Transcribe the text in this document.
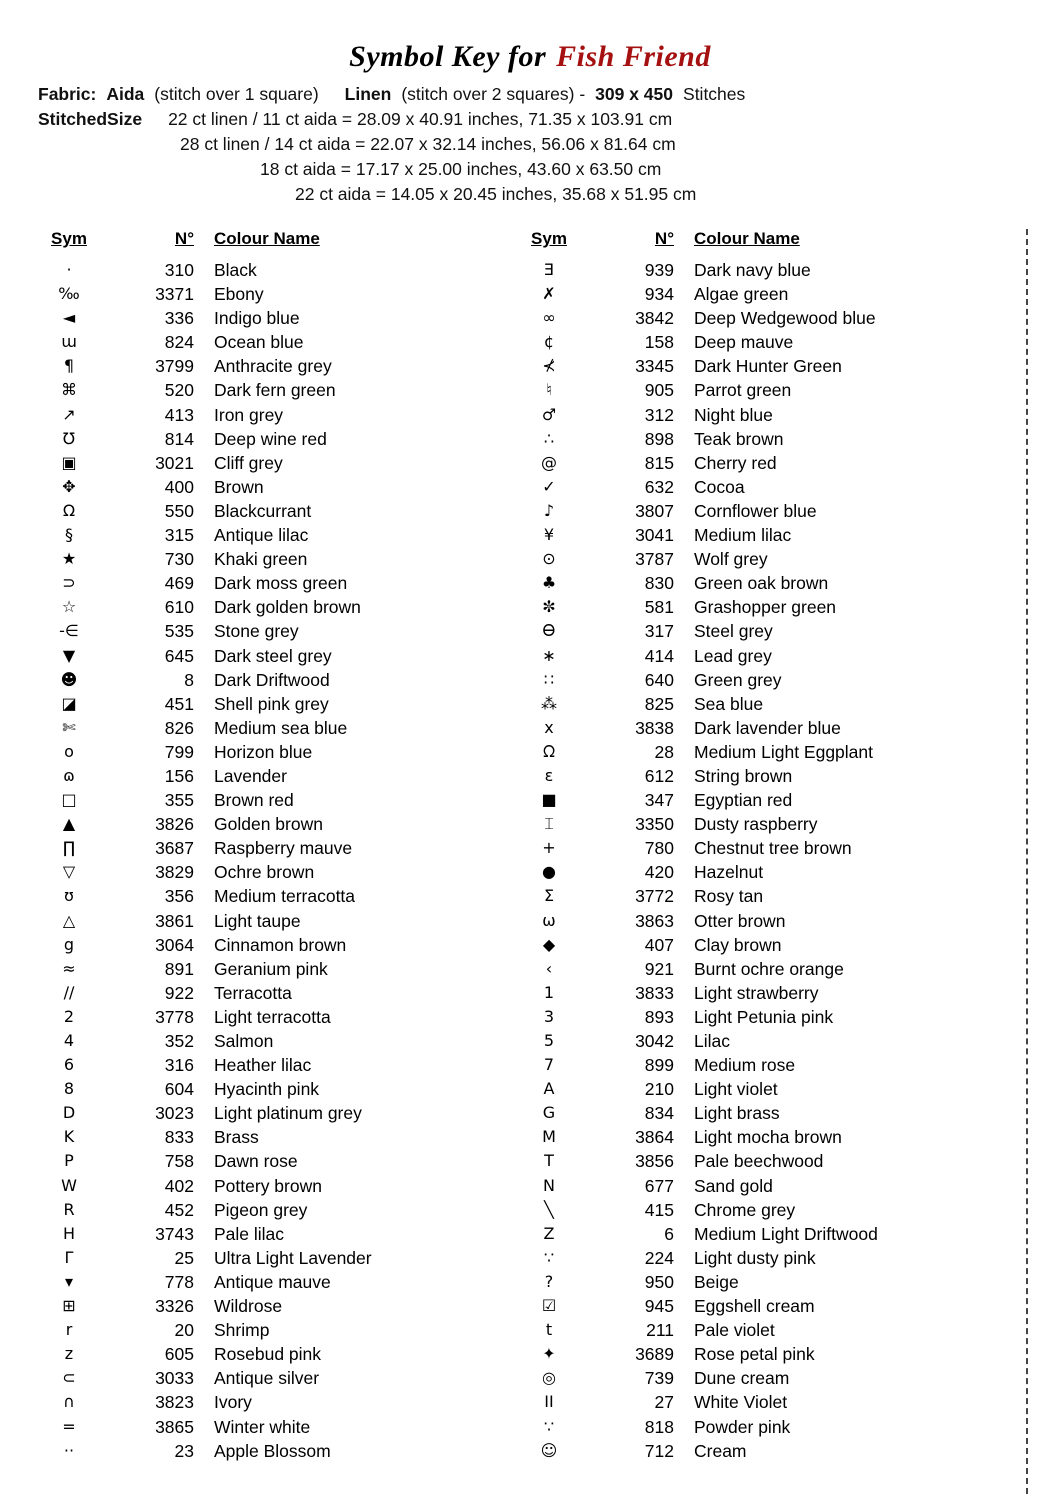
Symbol Key for Fish Friend
Fabric: Aida (stitch over 1 square) Linen (stitch over 2 squares) - 309 x 450 Stitches
StitchedSize 22 ct linen / 11 ct aida = 28.09 x 40.91 inches, 71.35 x 103.91 cm
28 ct linen / 14 ct aida = 22.07 x 32.14 inches, 56.06 x 81.64 cm
18 ct aida = 17.17 x 25.00 inches, 43.60 x 63.50 cm
22 ct aida = 14.05 x 20.45 inches, 35.68 x 51.95 cm
Sym	N°	Colour Name
·	310	Black
‰	3371	Ebony
◄	336	Indigo blue
ɯ	824	Ocean blue
¶	3799	Anthracite grey
⌘	520	Dark fern green
↗	413	Iron grey
℧	814	Deep wine red
▣	3021	Cliff grey
✥	400	Brown
Ω	550	Blackcurrant
§	315	Antique lilac
★	730	Khaki green
⊃	469	Dark moss green
☆	610	Dark golden brown
-∈	535	Stone grey
▼	645	Dark steel grey
☻	8	Dark Driftwood
◪	451	Shell pink grey
✄	826	Medium sea blue
o	799	Horizon blue
ɷ	156	Lavender
□	355	Brown red
▲	3826	Golden brown
∏	3687	Raspberry mauve
▽	3829	Ochre brown
ʊ	356	Medium terracotta
△	3861	Light taupe
g	3064	Cinnamon brown
≈	891	Geranium pink
∕∕	922	Terracotta
2	3778	Light terracotta
4	352	Salmon
6	316	Heather lilac
8	604	Hyacinth pink
D	3023	Light platinum grey
K	833	Brass
P	758	Dawn rose
W	402	Pottery brown
R	452	Pigeon grey
H	3743	Pale lilac
Γ	25	Ultra Light Lavender
▾	778	Antique mauve
⊞	3326	Wildrose
r	20	Shrimp
z	605	Rosebud pink
⊂	3033	Antique silver
∩	3823	Ivory
=	3865	Winter white
··	23	Apple Blossom
Sym	N°	Colour Name
Ǝ	939	Dark navy blue
✗	934	Algae green
∞	3842	Deep Wedgewood blue
¢	158	Deep mauve
⊀	3345	Dark Hunter Green
♮	905	Parrot green
♂	312	Night blue
∴	898	Teak brown
@	815	Cherry red
✓	632	Cocoa
♪	3807	Cornflower blue
¥	3041	Medium lilac
⊙	3787	Wolf grey
♣	830	Green oak brown
✼	581	Grashopper green
Ꮎ	317	Steel grey
∗	414	Lead grey
∷	640	Green grey
⁂	825	Sea blue
x	3838	Dark lavender blue
ᘯ	28	Medium Light Eggplant
ɛ	612	String brown
■	347	Egyptian red
⌶	3350	Dusty raspberry
+	780	Chestnut tree brown
●	420	Hazelnut
Σ	3772	Rosy tan
ω	3863	Otter brown
◆	407	Clay brown
‹	921	Burnt ochre orange
1	3833	Light strawberry
3	893	Light Petunia pink
5	3042	Lilac
7	899	Medium rose
A	210	Light violet
G	834	Light brass
M	3864	Light mocha brown
T	3856	Pale beechwood
N	677	Sand gold
╲	415	Chrome grey
Z	6	Medium Light Driftwood
∵	224	Light dusty pink
?	950	Beige
☑	945	Eggshell cream
t	211	Pale violet
✦	3689	Rose petal pink
◎	739	Dune cream
ΙΙ	27	White Violet
∵	818	Powder pink
☺	712	Cream
